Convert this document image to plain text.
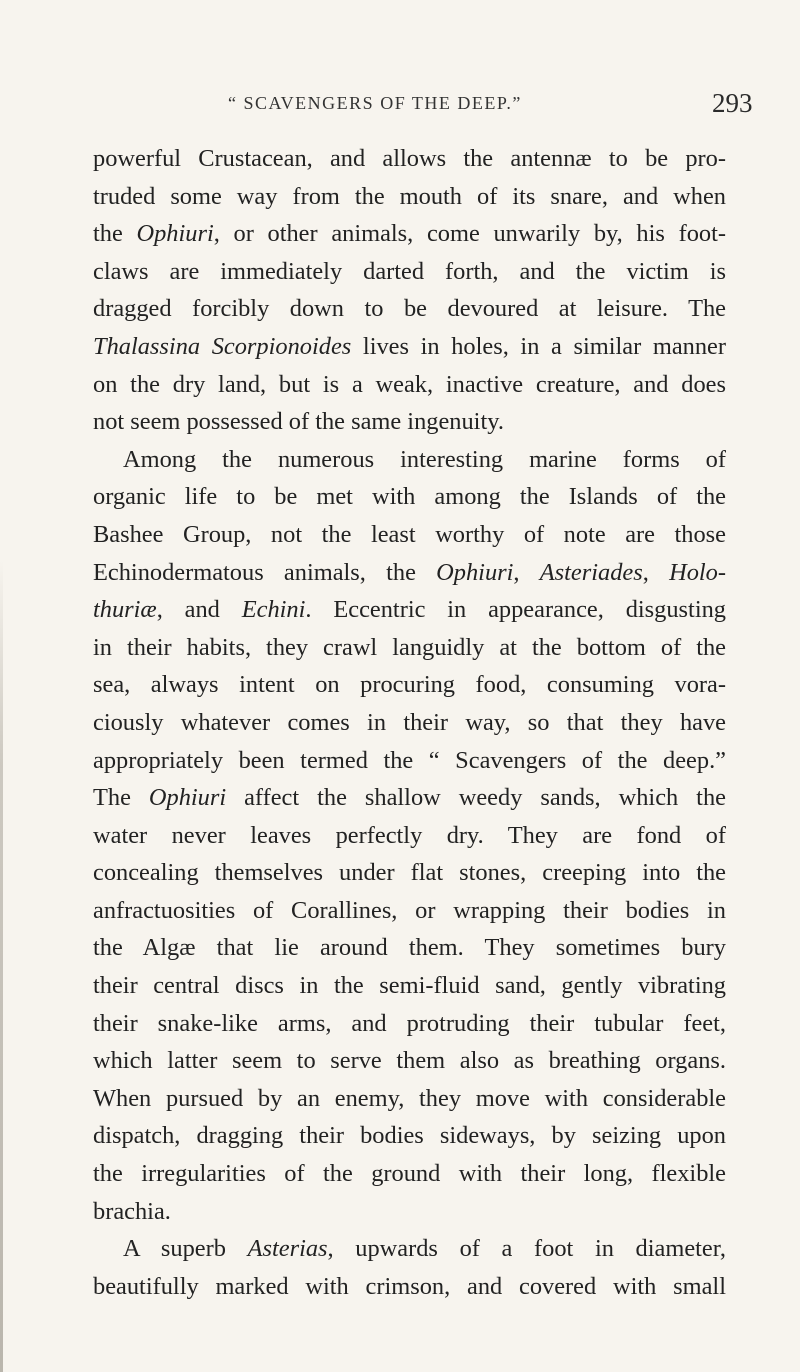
“ SCAVENGERS OF THE DEEP.”	293
powerful Crustacean, and allows the antennæ to be pro-
truded some way from the mouth of its snare, and when
the Ophiuri, or other animals, come unwarily by, his foot-
claws are immediately darted forth, and the victim is
dragged forcibly down to be devoured at leisure. The
Thalassina Scorpionoides lives in holes, in a similar manner
on the dry land, but is a weak, inactive creature, and does
not seem possessed of the same ingenuity.
Among the numerous interesting marine forms of
organic life to be met with among the Islands of the
Bashee Group, not the least worthy of note are those
Echinodermatous animals, the Ophiuri, Asteriades, Holo-
thuriæ, and Echini. Eccentric in appearance, disgusting
in their habits, they crawl languidly at the bottom of the
sea, always intent on procuring food, consuming vora-
ciously whatever comes in their way, so that they have
appropriately been termed the “ Scavengers of the deep.”
The Ophiuri affect the shallow weedy sands, which the
water never leaves perfectly dry. They are fond of
concealing themselves under flat stones, creeping into the
anfractuosities of Corallines, or wrapping their bodies in
the Algæ that lie around them. They sometimes bury
their central discs in the semi-fluid sand, gently vibrating
their snake-like arms, and protruding their tubular feet,
which latter seem to serve them also as breathing organs.
When pursued by an enemy, they move with considerable
dispatch, dragging their bodies sideways, by seizing upon
the irregularities of the ground with their long, flexible
brachia.
A superb Asterias, upwards of a foot in diameter,
beautifully marked with crimson, and covered with small
